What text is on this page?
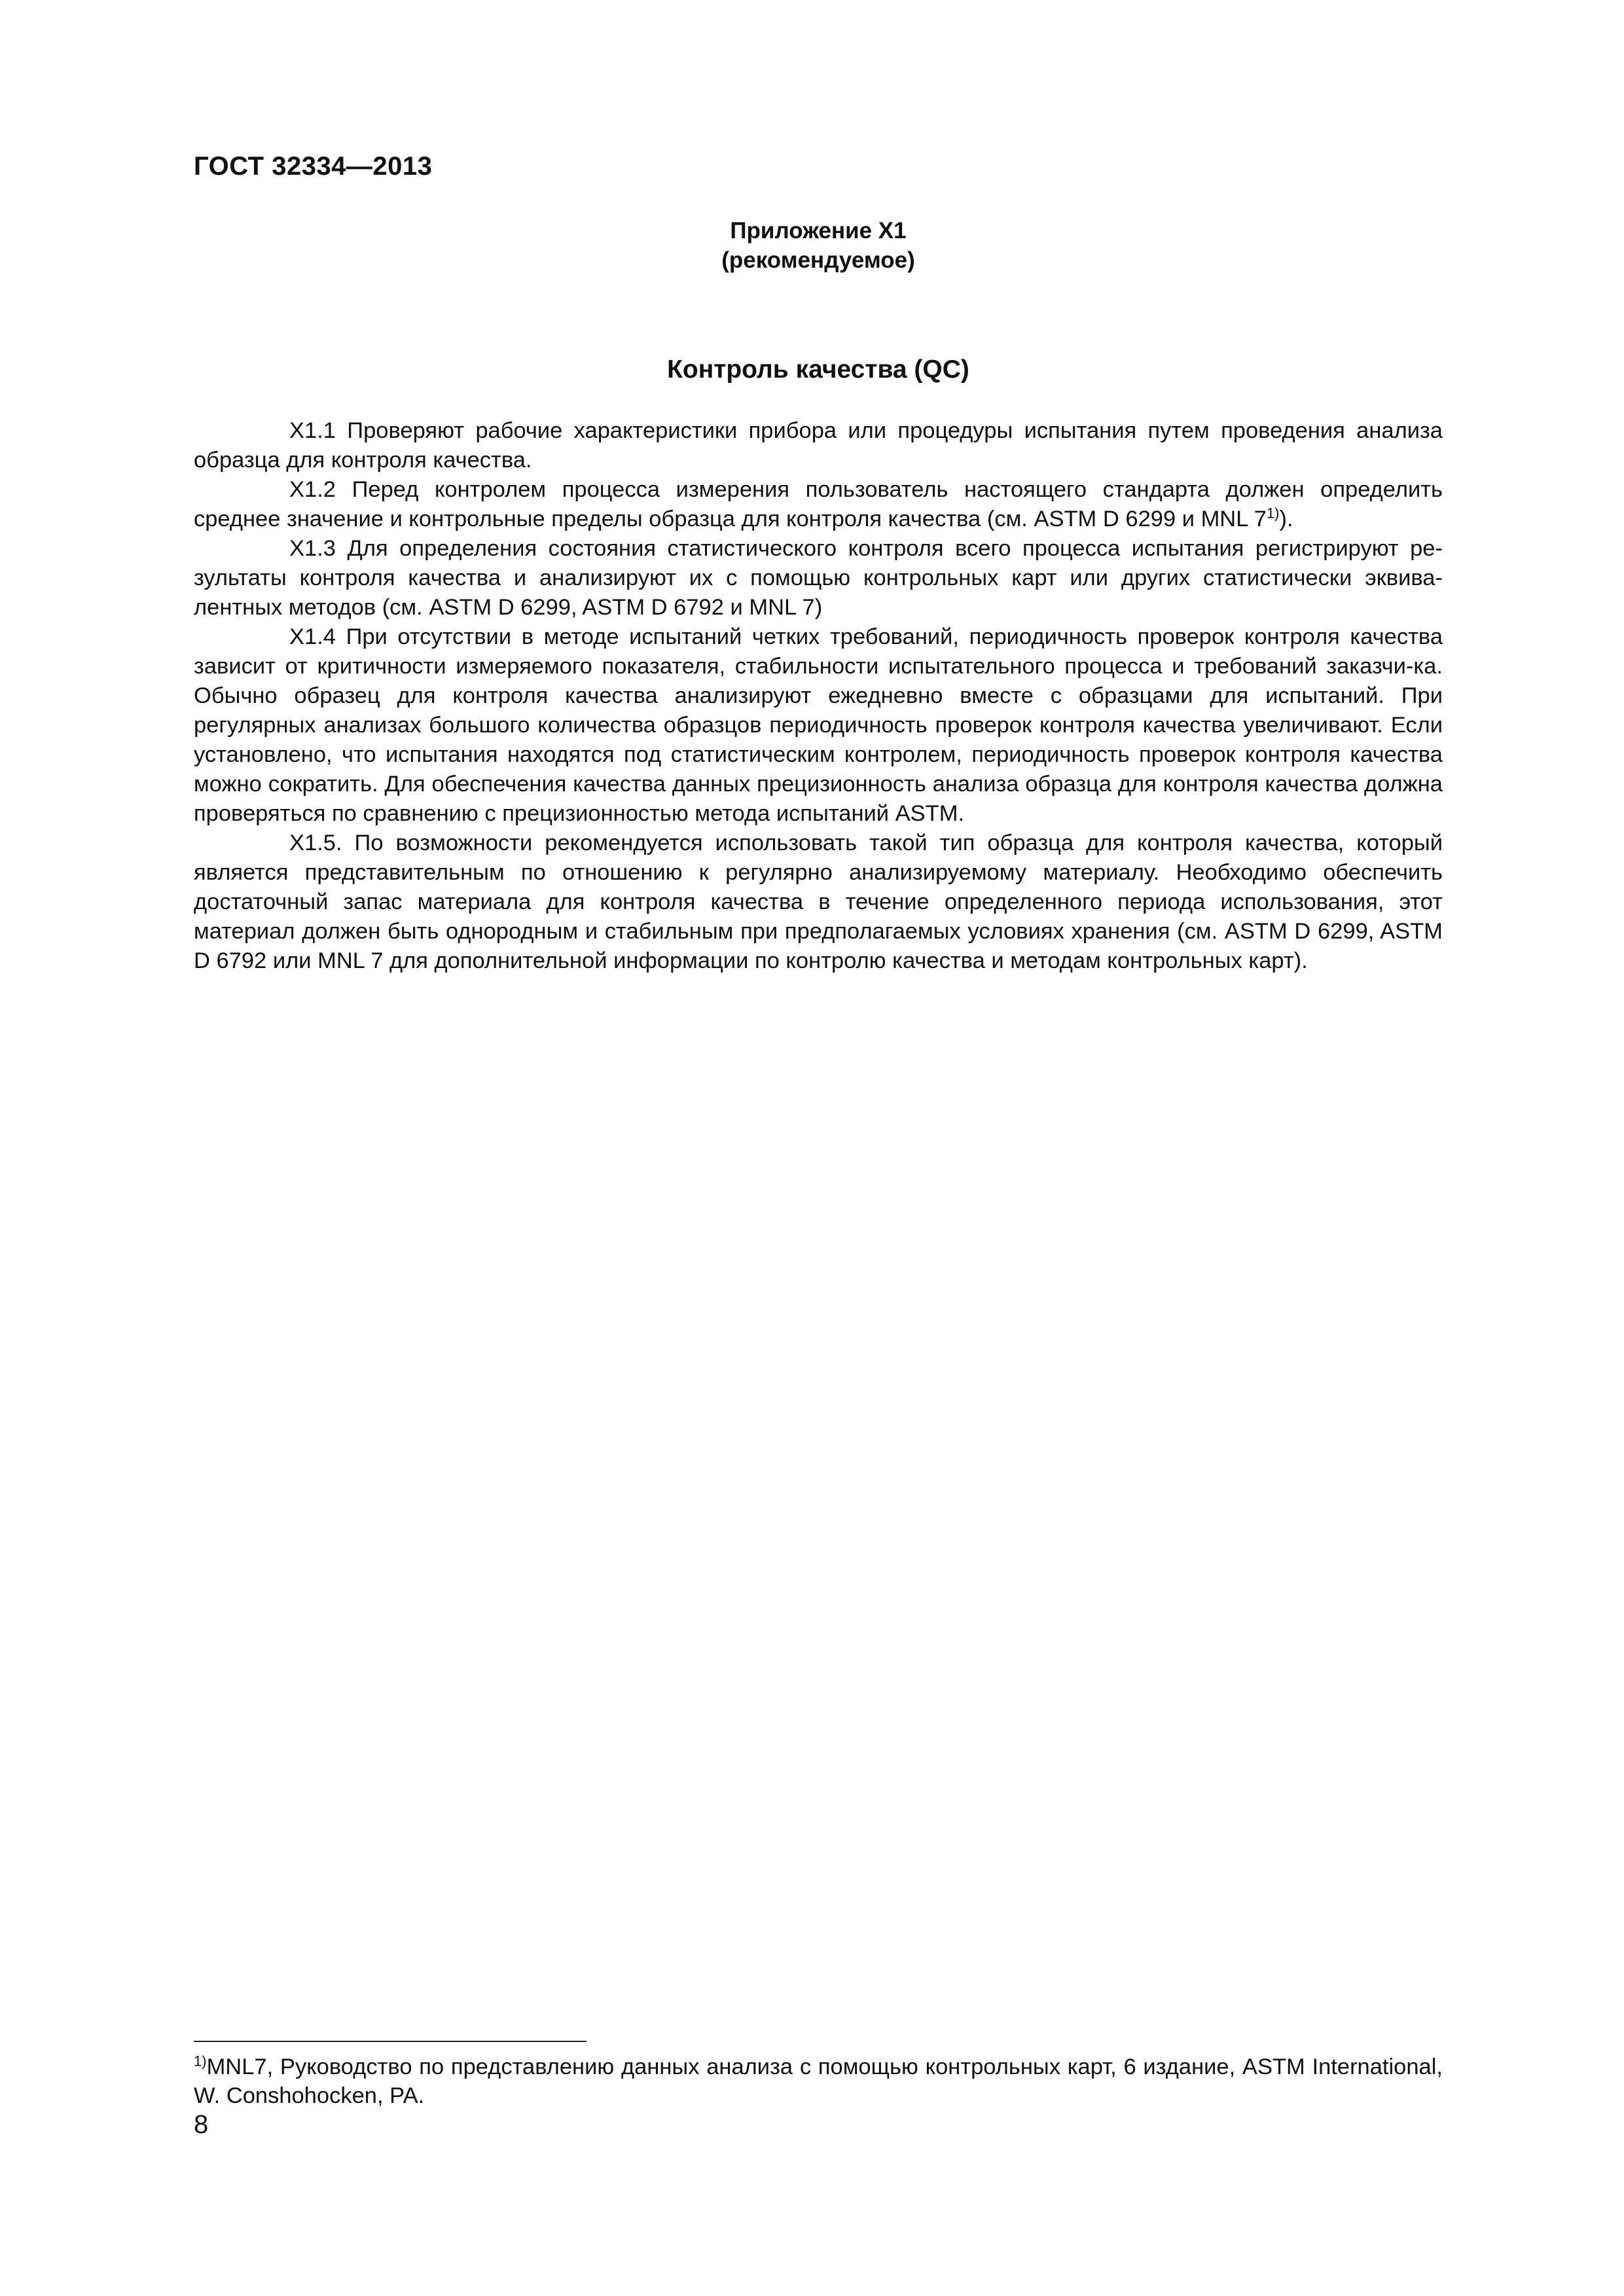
ГОСТ 32334—2013
Приложение X1
(рекомендуемое)
Контроль качества (QC)

X1.1 Проверяют рабочие характеристики прибора или процедуры испытания путем проведения анализа образца для контроля качества.

X1.2 Перед контролем процесса измерения пользователь настоящего стандарта должен определить среднее значение и контрольные пределы образца для контроля качества (см. ASTM D 6299 и MNL 7$^{1)}$).

X1.3 Для определения состояния статистического контроля всего процесса испытания регистрируют ре-зультаты контроля качества и анализируют их с помощью контрольных карт или других статистически эквива-лентных методов (см. ASTM D 6299, ASTM D 6792 и MNL 7)

X1.4 При отсутствии в методе испытаний четких требований, периодичность проверок контроля качества зависит от критичности измеряемого показателя, стабильности испытательного процесса и требований заказчи-ка. Обычно образец для контроля качества анализируют ежедневно вместе с образцами для испытаний. При регулярных анализах большого количества образцов периодичность проверок контроля качества увеличивают. Если установлено, что испытания находятся под статистическим контролем, периодичность проверок контроля качества можно сократить. Для обеспечения качества данных прецизионность анализа образца для контроля качества должна проверяться по сравнению с прецизионностью метода испытаний ASTM.

X1.5. По возможности рекомендуется использовать такой тип образца для контроля качества, который является представительным по отношению к регулярно анализируемому материалу. Необходимо обеспечить достаточный запас материала для контроля качества в течение определенного периода использования, этот материал должен быть однородным и стабильным при предполагаемых условиях хранения (см. ASTM D 6299, ASTM D 6792 или MNL 7 для дополнительной информации по контролю качества и методам контрольных карт).

$^{1)}$MNL7, Руководство по представлению данных анализа с помощью контрольных карт, 6 издание, ASTM International, W. Conshohocken, PA.

8
